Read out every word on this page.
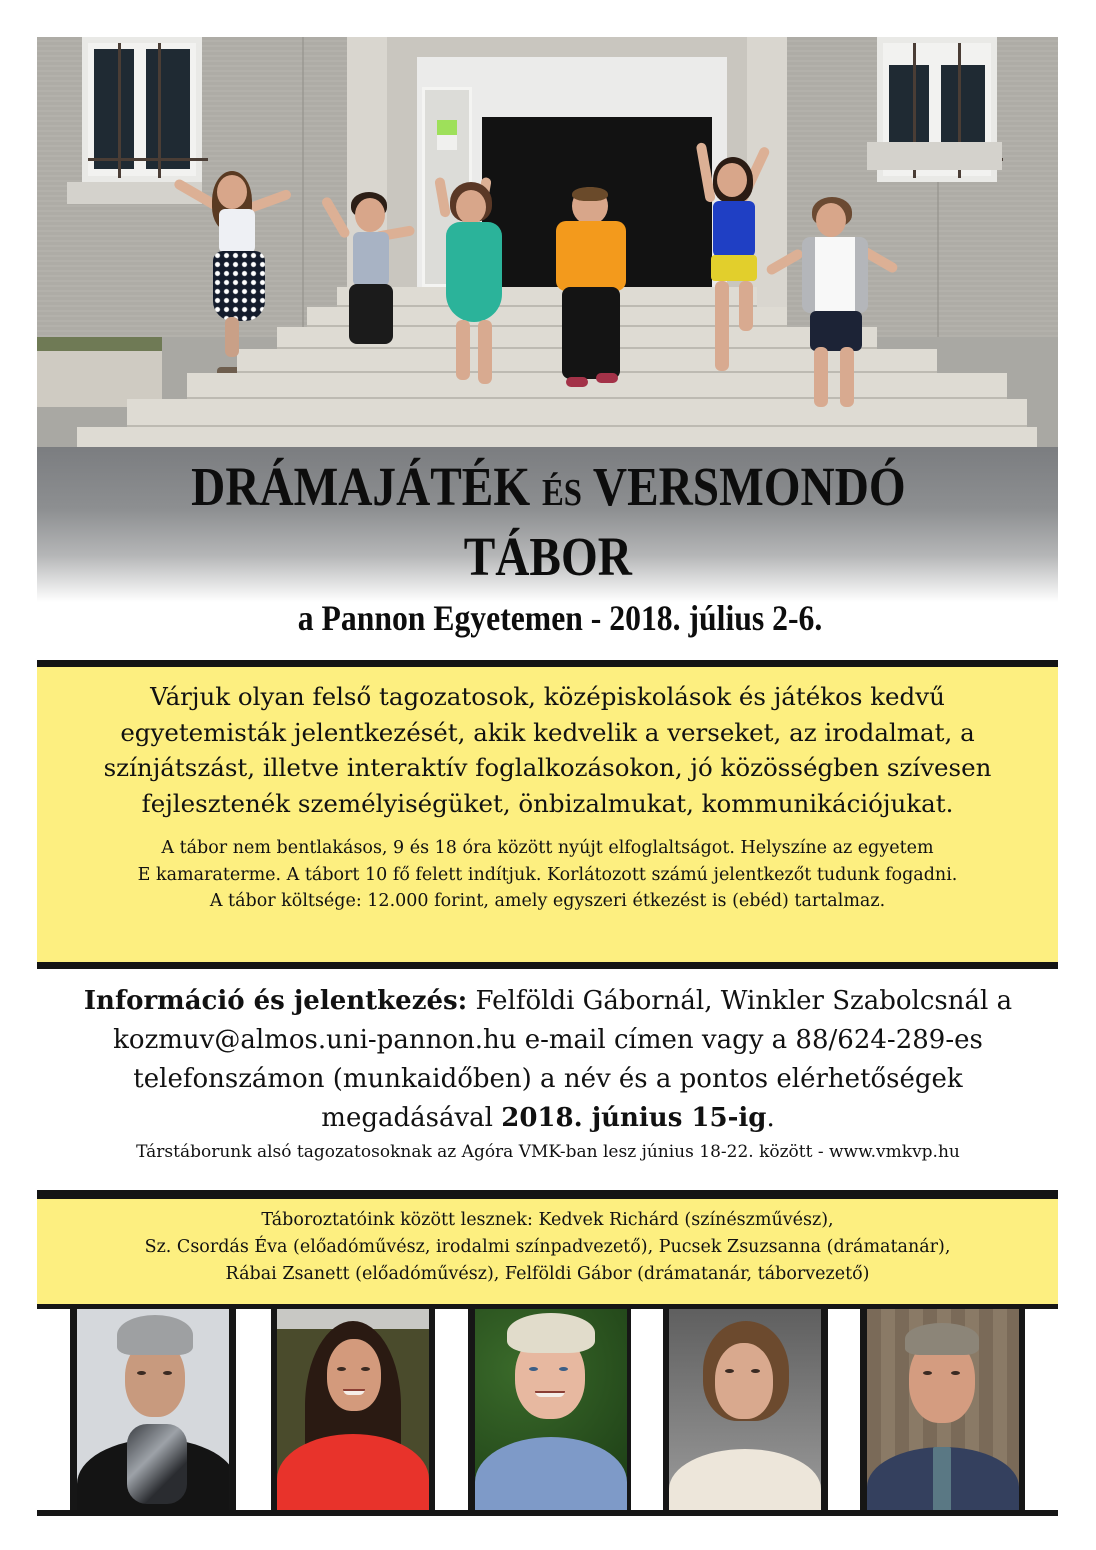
DRÁMAJÁTÉK ÉS VERSMONDÓ
TÁBOR
a Pannon Egyetemen - 2018. július 2-6.
Várjuk olyan felső tagozatosok, középiskolások és játékos kedvű
egyetemisták jelentkezését, akik kedvelik a verseket, az irodalmat, a
színjátszást, illetve interaktív foglalkozásokon, jó közösségben szívesen
fejlesztenék személyiségüket, önbizalmukat, kommunikációjukat.
A tábor nem bentlakásos, 9 és 18 óra között nyújt elfoglaltságot. Helyszíne az egyetem
E kamaraterme. A tábort 10 fő felett indítjuk. Korlátozott számú jelentkezőt tudunk fogadni.
A tábor költsége: 12.000 forint, amely egyszeri étkezést is (ebéd) tartalmaz.
Információ és jelentkezés: Felföldi Gábornál, Winkler Szabolcsnál a
kozmuv@almos.uni-pannon.hu e-mail címen vagy a 88/624-289-es
telefonszámon (munkaidőben) a név és a pontos elérhetőségek
megadásával 2018. június 15-ig.
Társtáborunk alsó tagozatosoknak az Agóra VMK-ban lesz június 18-22. között - www.vmkvp.hu
Táboroztatóink között lesznek: Kedvek Richárd (színészművész),
Sz. Csordás Éva (előadóművész, irodalmi színpadvezető), Pucsek Zsuzsanna (drámatanár),
Rábai Zsanett (előadóművész), Felföldi Gábor (drámatanár, táborvezető)
